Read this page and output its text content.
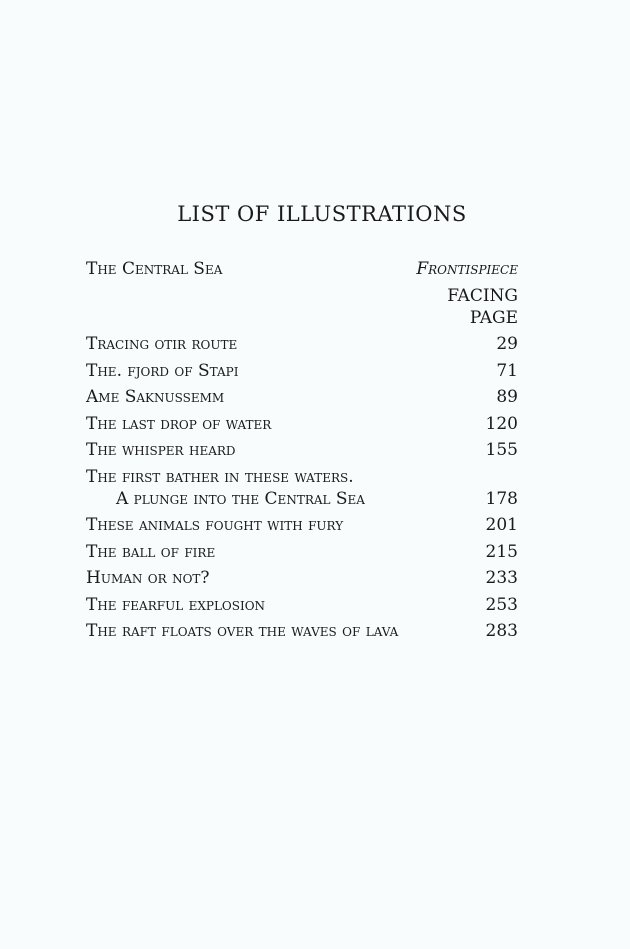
LIST OF ILLUSTRATIONS
The Central Sea	Frontispiece
FACING
PAGE
Tracing otir route	29
The. fjord of Stapi	71
Ame Saknussemm	89
The last drop of water	120
The whisper heard	155
The first bather in these waters.
A plunge into the Central Sea	178
These animals fought with fury	201
The ball of fire	215
Human or not?	233
The fearful explosion	253
The raft floats over the waves of lava	283
